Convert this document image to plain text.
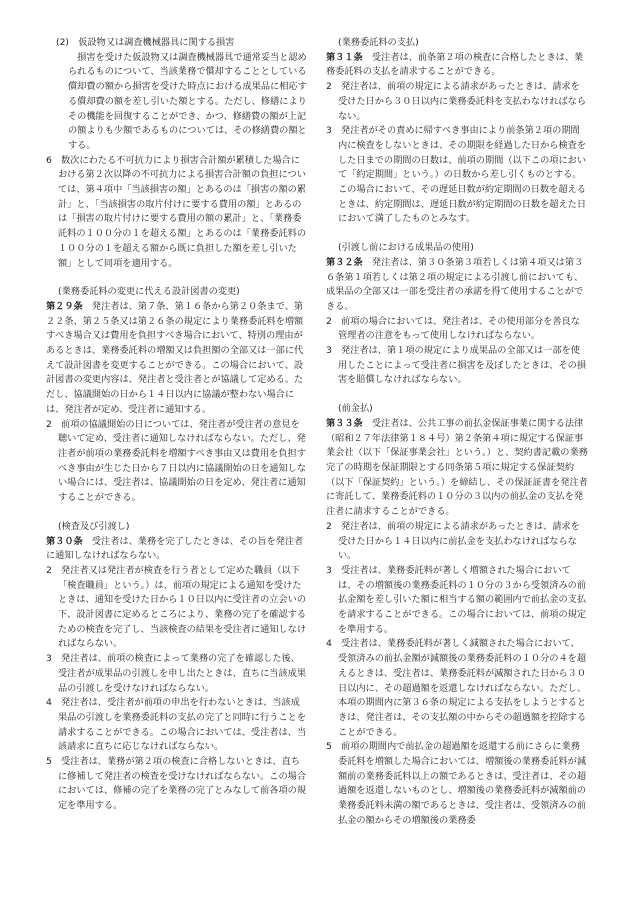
(2)　仮設物又は調査機械器具に関する損害

　損害を受けた仮設物又は調査機械器具で通常妥当と認められるものについて、当該業務で償却することとしている償却費の額から損害を受けた時点における成果品に相応する償却費の額を差し引いた額とする。ただし、修繕によりその機能を回復することができ、かつ、修繕費の額が上記の額よりも少額であるものについては、その修繕費の額とする。

6　数次にわたる不可抗力により損害合計額が累積した場合における第２次以降の不可抗力による損害合計額の負担については、第４項中「当該損害の額」とあるのは「損害の額の累計」と、「当該損害の取片付けに要する費用の額」とあるのは「損害の取片付けに要する費用の額の累計」と、「業務委託料の１００分の１を超える額」とあるのは「業務委託料の１００分の１を超える額から既に負担した額を差し引いた額」として同項を適用する。

(業務委託料の変更に代える設計図書の変更)

第２９条　発注者は、第７条、第１６条から第２０条まで、第２２条、第２５条又は第２６条の規定により業務委託料を増額すべき場合又は費用を負担すべき場合において、特別の理由があるときは、業務委託料の増額又は負担額の全部又は一部に代えて設計図書を変更することができる。この場合において、設計図書の変更内容は、発注者と受注者とが協議して定める。ただし、協議開始の日から１４日以内に協議が整わない場合には、発注者が定め、受注者に通知する。

2　前項の協議開始の日については、発注者が受注者の意見を聴いて定め、受注者に通知しなければならない。ただし、発注者が前項の業務委託料を増額すべき事由又は費用を負担すべき事由が生じた日から７日以内に協議開始の日を通知しない場合には、受注者は、協議開始の日を定め、発注者に通知することができる。

(検査及び引渡し)

第３０条　受注者は、業務を完了したときは、その旨を発注者に通知しなければならない。

2　発注者又は発注者が検査を行う者として定めた職員（以下「検査職員」という。）は、前項の規定による通知を受けたときは、通知を受けた日から１０日以内に受注者の立会いの下、設計図書に定めるところにより、業務の完了を確認するための検査を完了し、当該検査の結果を受注者に通知しなければならない。

3　発注者は、前項の検査によって業務の完了を確認した後、受注者が成果品の引渡しを申し出たときは、直ちに当該成果品の引渡しを受けなければならない。

4　発注者は、受注者が前項の申出を行わないときは、当該成果品の引渡しを業務委託料の支払の完了と同時に行うことを請求することができる。この場合においては、受注者は、当該請求に直ちに応じなければならない。

5　受注者は、業務が第２項の検査に合格しないときは、直ちに修補して発注者の検査を受けなければならない。この場合においては、修補の完了を業務の完了とみなして前各項の規定を準用する。

(業務委託料の支払)

第３１条　受注者は、前条第２項の検査に合格したときは、業務委託料の支払を請求することができる。

2　発注者は、前項の規定による請求があったときは、請求を受けた日から３０日以内に業務委託料を支払わなければならない。

3　発注者がその責めに帰すべき事由により前条第２項の期間内に検査をしないときは、その期限を経過した日から検査をした日までの期間の日数は、前項の期間（以下この項において「約定期間」という。）の日数から差し引くものとする。この場合において、その遅延日数が約定期間の日数を超えるときは、約定期間は、遅延日数が約定期間の日数を超えた日において満了したものとみなす。

(引渡し前における成果品の使用)

第３２条　発注者は、第３０条第３項若しくは第４項又は第３６条第１項若しくは第２項の規定による引渡し前においても、成果品の全部又は一部を受注者の承諾を得て使用することができる。

2　前項の場合においては、発注者は、その使用部分を善良な管理者の注意をもって使用しなければならない。

3　発注者は、第１項の規定により成果品の全部又は一部を使用したことによって受注者に損害を及ぼしたときは、その損害を賠償しなければならない。

(前金払)

第３３条　受注者は、公共工事の前払金保証事業に関する法律（昭和２７年法律第１８４号）第２条第４項に規定する保証事業会社（以下「保証事業会社」という。）と、契約書記載の業務完了の時期を保証期限とする同条第５項に規定する保証契約（以下「保証契約」という。）を締結し、その保証証書を発注者に寄託して、業務委託料の１０分の３以内の前払金の支払を発注者に請求することができる。

2　発注者は、前項の規定による請求があったときは、請求を受けた日から１４日以内に前払金を支払わなければならない。

3　受注者は、業務委託料が著しく増額された場合においては、その増額後の業務委託料の１０分の３から受領済みの前払金額を差し引いた額に相当する額の範囲内で前払金の支払を請求することができる。この場合においては、前項の規定を準用する。

4　受注者は、業務委託料が著しく減額された場合において、受領済みの前払金額が減額後の業務委託料の１０分の４を超えるときは、受注者は、業務委託料が減額された日から３０日以内に、その超過額を返還しなければならない。ただし、本項の期間内に第３６条の規定による支払をしようとするときは、発注者は、その支払額の中からその超過額を控除することができる。

5　前項の期間内で前払金の超過額を返還する前にさらに業務委託料を増額した場合においては、増額後の業務委託料が減額前の業務委託料以上の額であるときは、受注者は、その超過額を返還しないものとし、増額後の業務委託料が減額前の業務委託料未満の額であるときは、受注者は、受領済みの前払金の額からその増額後の業務委
